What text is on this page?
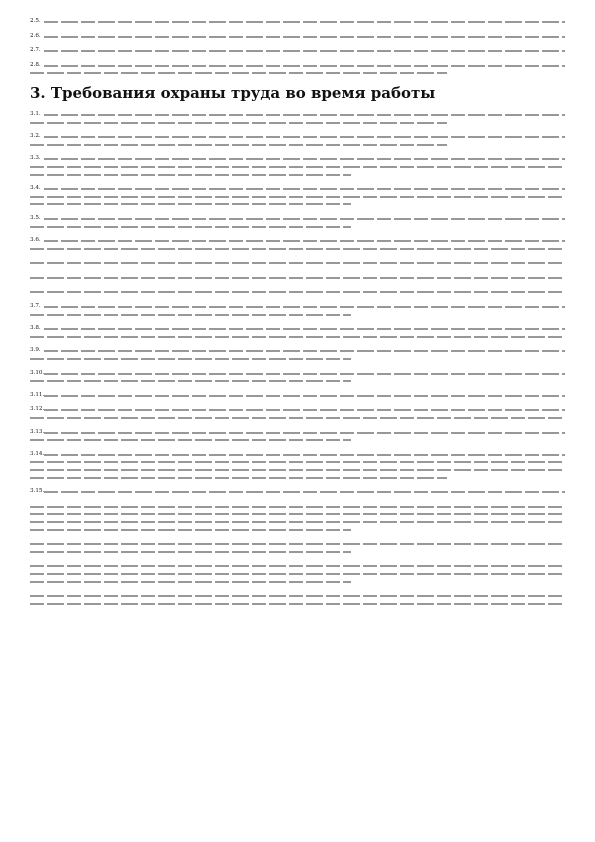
2.5.
2.6.
2.7.
2.8.
3. Требования охраны труда во время работы
3.1.
3.2.
3.3.
3.4.
3.5.
3.6.
3.7.
3.8.
3.9.
3.10.
3.11.
3.12.
3.13.
3.14.
3.15.
